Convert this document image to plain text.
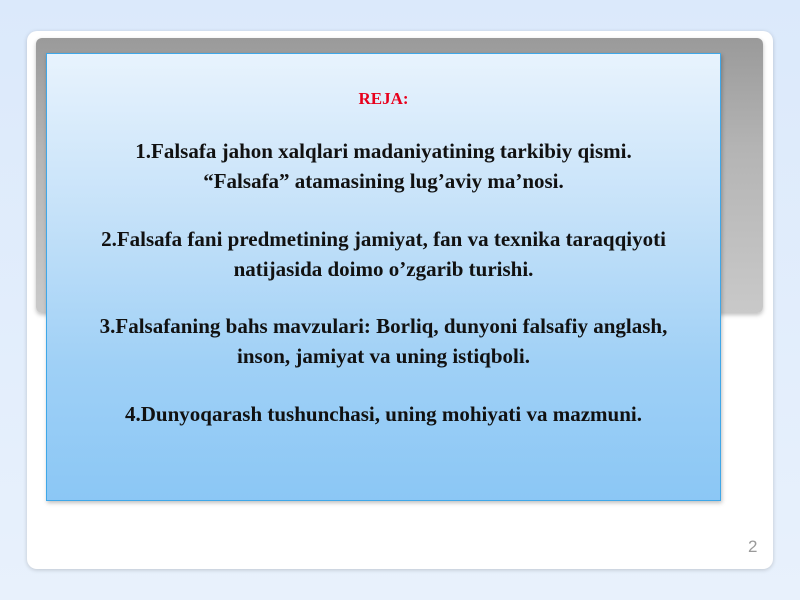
REJA:
1.Falsafa jahon xalqlari madaniyatining tarkibiy qismi.
“Falsafa” atamasining lug’aviy ma’nosi.
2.Falsafa fani predmetining jamiyat, fan va texnika taraqqiyoti
natijasida doimo o’zgarib turishi.
3.Falsafaning bahs mavzulari: Borliq, dunyoni falsafiy anglash,
inson, jamiyat va uning istiqboli.
4.Dunyoqarash tushunchasi, uning mohiyati va mazmuni.
2
